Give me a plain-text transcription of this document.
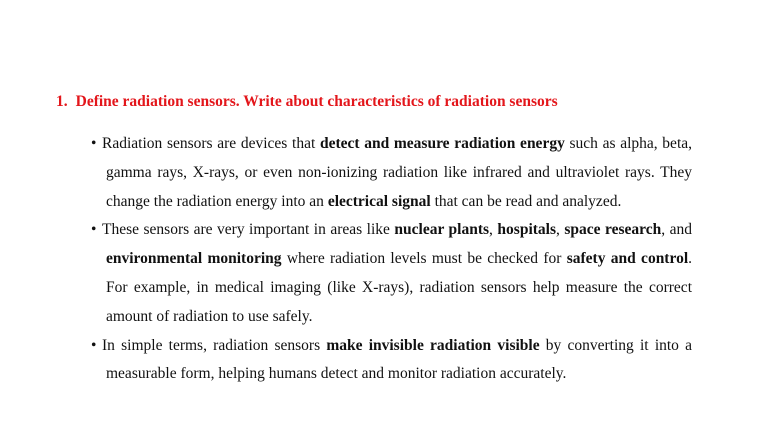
1. Define radiation sensors. Write about characteristics of radiation sensors
• Radiation sensors are devices that detect and measure radiation energy such as alpha, beta, gamma rays, X-rays, or even non-ionizing radiation like infrared and ultraviolet rays. They change the radiation energy into an electrical signal that can be read and analyzed.
• These sensors are very important in areas like nuclear plants, hospitals, space research, and environmental monitoring where radiation levels must be checked for safety and control. For example, in medical imaging (like X-rays), radiation sensors help measure the correct amount of radiation to use safely.
• In simple terms, radiation sensors make invisible radiation visible by converting it into a measurable form, helping humans detect and monitor radiation accurately.
